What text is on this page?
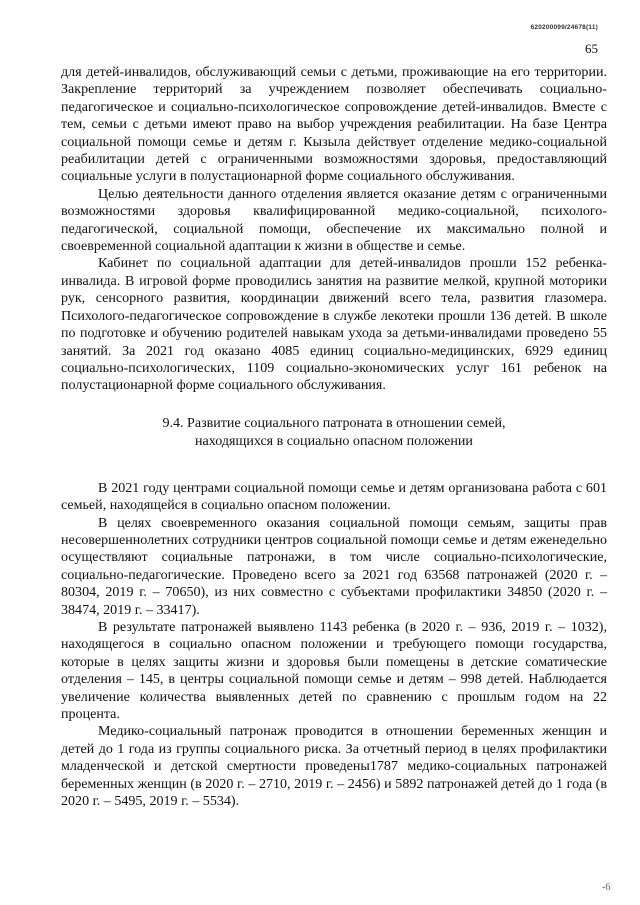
620200099/24678(11)
65

для детей-инвалидов, обслуживающий семьи с детьми, проживающие на его территории. Закрепление территорий за учреждением позволяет обеспечивать социально-педагогическое и социально-психологическое сопровождение детей-инвалидов. Вместе с тем, семьи с детьми имеют право на выбор учреждения реабилитации. На базе Центра социальной помощи семье и детям г. Кызыла действует отделение медико-социальной реабилитации детей с ограниченными возможностями здоровья, предоставляющий социальные услуги в полустационарной форме социального обслуживания.

Целью деятельности данного отделения является оказание детям с ограниченными возможностями здоровья квалифицированной медико-социальной, психолого-педагогической, социальной помощи, обеспечение их максимально полной и своевременной социальной адаптации к жизни в обществе и семье.

Кабинет по социальной адаптации для детей-инвалидов прошли 152 ребенка-инвалида. В игровой форме проводились занятия на развитие мелкой, крупной моторики рук, сенсорного развития, координации движений всего тела, развития глазомера. Психолого-педагогическое сопровождение в службе лекотеки прошли 136 детей. В школе по подготовке и обучению родителей навыкам ухода за детьми-инвалидами проведено 55 занятий. За 2021 год оказано 4085 единиц социально-медицинских, 6929 единиц социально-психологических, 1109 социально-экономических услуг 161 ребенок на полустационарной форме социального обслуживания.

9.4. Развитие социального патроната в отношении семей,
находящихся в социально опасном положении

В 2021 году центрами социальной помощи семье и детям организована работа с 601 семьей, находящейся в социально опасном положении.

В целях своевременного оказания социальной помощи семьям, защиты прав несовершеннолетних сотрудники центров социальной помощи семье и детям еженедельно осуществляют социальные патронажи, в том числе социально-психологические, социально-педагогические. Проведено всего за 2021 год 63568 патронажей (2020 г. – 80304, 2019 г. – 70650), из них совместно с субъектами профилактики 34850 (2020 г. – 38474, 2019 г. – 33417).

В результате патронажей выявлено 1143 ребенка (в 2020 г. – 936, 2019 г. – 1032), находящегося в социально опасном положении и требующего помощи государства, которые в целях защиты жизни и здоровья были помещены в детские соматические отделения – 145, в центры социальной помощи семье и детям – 998 детей. Наблюдается увеличение количества выявленных детей по сравнению с прошлым годом на 22 процента.

Медико-социальный патронаж проводится в отношении беременных женщин и детей до 1 года из группы социального риска. За отчетный период в целях профилактики младенческой и детской смертности проведены1787 медико-социальных патронажей беременных женщин (в 2020 г. – 2710, 2019 г. – 2456) и 5892 патронажей детей до 1 года (в 2020 г. – 5495, 2019 г. – 5534).

-6
